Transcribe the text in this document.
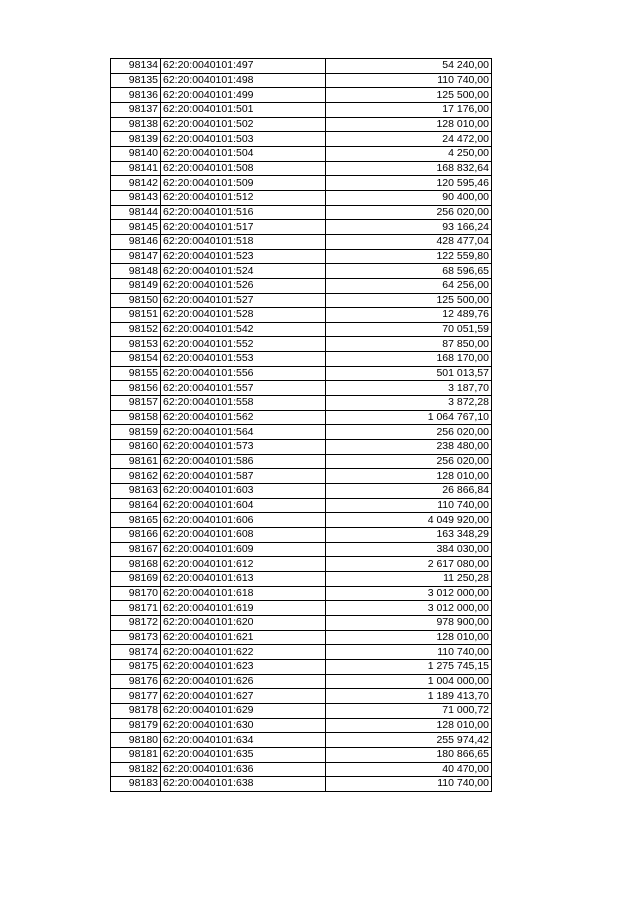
98134	62:20:0040101:497	54 240,00
98135	62:20:0040101:498	110 740,00
98136	62:20:0040101:499	125 500,00
98137	62:20:0040101:501	17 176,00
98138	62:20:0040101:502	128 010,00
98139	62:20:0040101:503	24 472,00
98140	62:20:0040101:504	4 250,00
98141	62:20:0040101:508	168 832,64
98142	62:20:0040101:509	120 595,46
98143	62:20:0040101:512	90 400,00
98144	62:20:0040101:516	256 020,00
98145	62:20:0040101:517	93 166,24
98146	62:20:0040101:518	428 477,04
98147	62:20:0040101:523	122 559,80
98148	62:20:0040101:524	68 596,65
98149	62:20:0040101:526	64 256,00
98150	62:20:0040101:527	125 500,00
98151	62:20:0040101:528	12 489,76
98152	62:20:0040101:542	70 051,59
98153	62:20:0040101:552	87 850,00
98154	62:20:0040101:553	168 170,00
98155	62:20:0040101:556	501 013,57
98156	62:20:0040101:557	3 187,70
98157	62:20:0040101:558	3 872,28
98158	62:20:0040101:562	1 064 767,10
98159	62:20:0040101:564	256 020,00
98160	62:20:0040101:573	238 480,00
98161	62:20:0040101:586	256 020,00
98162	62:20:0040101:587	128 010,00
98163	62:20:0040101:603	26 866,84
98164	62:20:0040101:604	110 740,00
98165	62:20:0040101:606	4 049 920,00
98166	62:20:0040101:608	163 348,29
98167	62:20:0040101:609	384 030,00
98168	62:20:0040101:612	2 617 080,00
98169	62:20:0040101:613	11 250,28
98170	62:20:0040101:618	3 012 000,00
98171	62:20:0040101:619	3 012 000,00
98172	62:20:0040101:620	978 900,00
98173	62:20:0040101:621	128 010,00
98174	62:20:0040101:622	110 740,00
98175	62:20:0040101:623	1 275 745,15
98176	62:20:0040101:626	1 004 000,00
98177	62:20:0040101:627	1 189 413,70
98178	62:20:0040101:629	71 000,72
98179	62:20:0040101:630	128 010,00
98180	62:20:0040101:634	255 974,42
98181	62:20:0040101:635	180 866,65
98182	62:20:0040101:636	40 470,00
98183	62:20:0040101:638	110 740,00
